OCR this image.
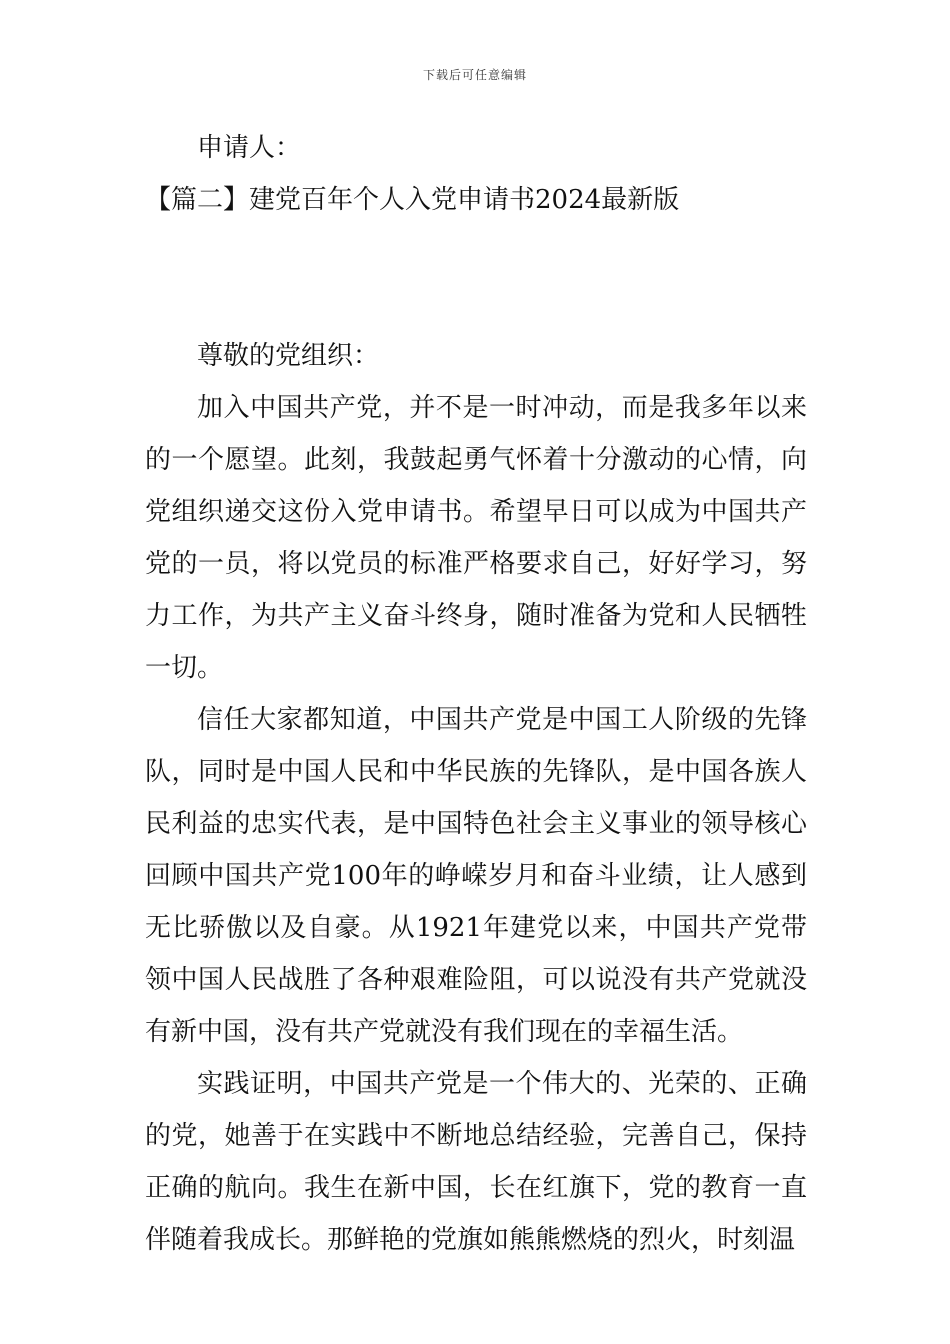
下载后可任意编辑

申请人：

【篇二】建党百年个人入党申请书2024最新版

尊敬的党组织：

加入中国共产党，并不是一时冲动，而是我多年以来的一个愿望。此刻，我鼓起勇气怀着十分激动的心情，向党组织递交这份入党申请书。希望早日可以成为中国共产党的一员，将以党员的标准严格要求自己，好好学习，努力工作，为共产主义奋斗终身，随时准备为党和人民牺牲一切。

信任大家都知道，中国共产党是中国工人阶级的先锋队，同时是中国人民和中华民族的先锋队，是中国各族人民利益的忠实代表，是中国特色社会主义事业的领导核心回顾中国共产党100年的峥嵘岁月和奋斗业绩，让人感到无比骄傲以及自豪。从1921年建党以来，中国共产党带领中国人民战胜了各种艰难险阻，可以说没有共产党就没有新中国，没有共产党就没有我们现在的幸福生活。

实践证明，中国共产党是一个伟大的、光荣的、正确的党，她善于在实践中不断地总结经验，完善自己，保持正确的航向。我生在新中国，长在红旗下，党的教育一直伴随着我成长。那鲜艳的党旗如熊熊燃烧的烈火，时刻温
